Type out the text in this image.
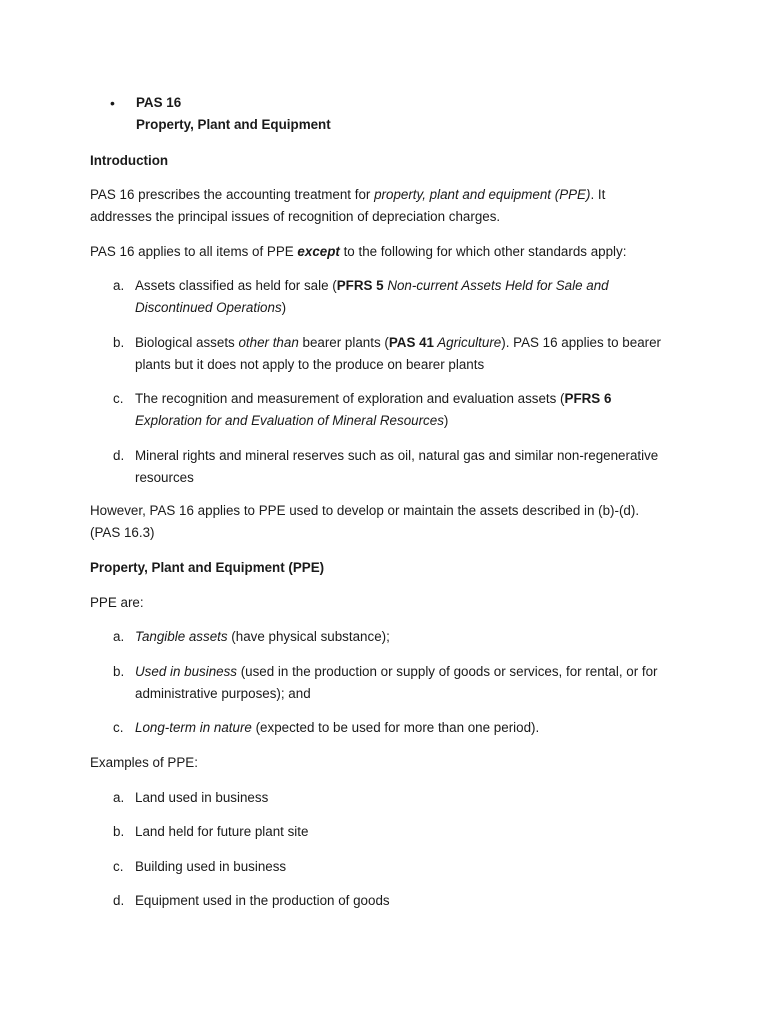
• PAS 16
Property, Plant and Equipment
Introduction

PAS 16 prescribes the accounting treatment for property, plant and equipment (PPE). It

addresses the principal issues of recognition of depreciation charges.

PAS 16 applies to all items of PPE except to the following for which other standards apply:

a. Assets classified as held for sale (PFRS 5 Non-current Assets Held for Sale and

Discontinued Operations)

b. Biological assets other than bearer plants (PAS 41 Agriculture). PAS 16 applies to bearer

plants but it does not apply to the produce on bearer plants

c. The recognition and measurement of exploration and evaluation assets (PFRS 6

Exploration for and Evaluation of Mineral Resources)

d. Mineral rights and mineral reserves such as oil, natural gas and similar non-regenerative

resources

However, PAS 16 applies to PPE used to develop or maintain the assets described in (b)-(d).

(PAS 16.3)

Property, Plant and Equipment (PPE)
PPE are:
a. Tangible assets (have physical substance);

b. Used in business (used in the production or supply of goods or services, for rental, or for

administrative purposes); and

c. Long-term in nature (expected to be used for more than one period).

Examples of PPE:
a. Land used in business
b. Land held for future plant site
c. Building used in business
d. Equipment used in the production of goods
